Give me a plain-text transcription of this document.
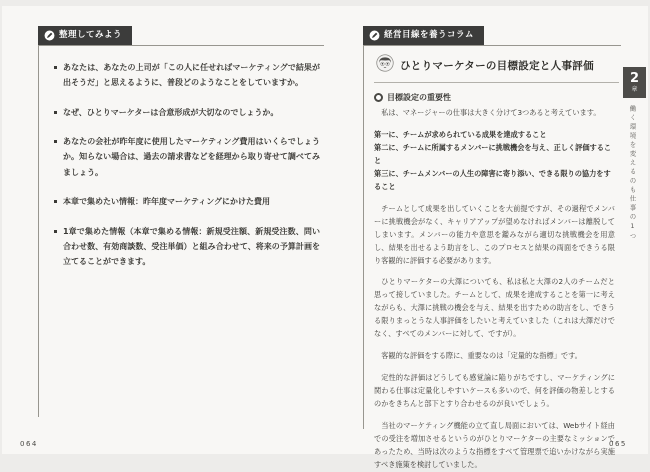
整理してみよう
あなたは、あなたの上司が「この人に任せればマーケティングで結果が出そうだ」と思えるように、普段どのようなことをしていますか。
なぜ、ひとりマーケターは合意形成が大切なのでしょうか。
あなたの会社が昨年度に使用したマーケティング費用はいくらでしょうか。知らない場合は、過去の請求書などを経理から取り寄せて調べてみましょう。
本章で集めたい情報：昨年度マーケティングにかけた費用
1章で集めた情報（本章で集める情報：新規受注額、新規受注数、問い合わせ数、有効商談数、受注単価）と組み合わせて、将来の予算計画を立てることができます。
経営目線を養うコラム
ひとりマーケターの目標設定と人事評価
目標設定の重要性

私は、マネージャーの仕事は大きく分けて3つあると考えています。

第一に、チームが求められている成果を達成すること

第二に、チームに所属するメンバーに挑戦機会を与え、正しく評価すること

第三に、チームメンバーの人生の障害に寄り添い、できる限りの協力をすること

チームとして成果を出していくことを大前提ですが、その過程でメンバーに挑戦機会がなく、キャリアアップが望めなければメンバーは離脱してしまいます。メンバーの能力や意思を鑑みながら適切な挑戦機会を用意し、結果を出せるよう助言をし、このプロセスと結果の両面をできうる限り客観的に評価する必要があります。

ひとりマーケターの大澤についても、私は私と大澤の2人のチームだと思って接していました。チームとして、成果を達成することを第一に考えながらも、大澤に挑戦の機会を与え、結果を出すための助言をし、できうる限りまっとうな人事評価をしたいと考えていました（これは大澤だけでなく、すべてのメンバーに対して、ですが）。

客観的な評価をする際に、重要なのは「定量的な指標」です。

定性的な評価はどうしても感覚論に陥りがちですし、マーケティングに関わる仕事は定量化しやすいケースも多いので、何を評価の物差しとするのかをきちんと部下とすり合わせるのが良いでしょう。

当社のマーケティング機能の立て直し局面においては、Webサイト経由での受注を増加させるというのがひとりマーケターの主要なミッションであったため、当時は次のような指標をすべて管理票で追いかけながら実施すべき施策を検討していました。

2
章
働く環境を変えるのも仕事の1つ
064	065
